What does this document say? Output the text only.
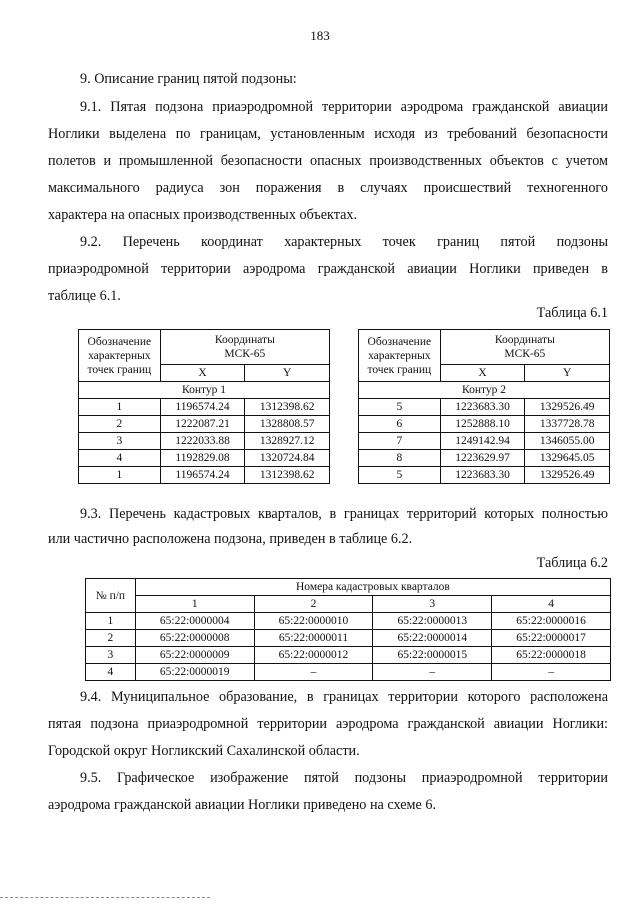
183
9. Описание границ пятой подзоны:
9.1. Пятая подзона приаэродромной территории аэродрома гражданской авиации
Ноглики выделена по границам, установленным исходя из требований безопасности
полетов и промышленной безопасности опасных производственных объектов с учетом
максимального радиуса зон поражения в случаях происшествий техногенного
характера на опасных производственных объектах.
9.2. Перечень координат характерных точек границ пятой подзоны
приаэродромной территории аэродрома гражданской авиации Ноглики приведен в
таблице 6.1.
Таблица 6.1
Обозначение характерных точек границ	Координаты МСК-65	
	X	Y
Контур 1		
1	1196574.24	1312398.62
2	1222087.21	1328808.57
3	1222033.88	1328927.12
4	1192829.08	1320724.84
1	1196574.24	1312398.62
Обозначение характерных точек границ	Координаты МСК-65	
	X	Y
Контур 2		
5	1223683.30	1329526.49
6	1252888.10	1337728.78
7	1249142.94	1346055.00
8	1223629.97	1329645.05
5	1223683.30	1329526.49
9.3. Перечень кадастровых кварталов, в границах территорий которых полностью
или частично расположена подзона, приведен в таблице 6.2.
Таблица 6.2
№ п/п	Номера кадастровых кварталов			
	1	2	3	4
1	65:22:0000004	65:22:0000010	65:22:0000013	65:22:0000016
2	65:22:0000008	65:22:0000011	65:22:0000014	65:22:0000017
3	65:22:0000009	65:22:0000012	65:22:0000015	65:22:0000018
4	65:22:0000019	–	–	–
9.4. Муниципальное образование, в границах территории которого расположена
пятая подзона приаэродромной территории аэродрома гражданской авиации Ноглики:
Городской округ Ногликский Сахалинской области.
9.5. Графическое изображение пятой подзоны приаэродромной территории
аэродрома гражданской авиации Ноглики приведено на схеме 6.
